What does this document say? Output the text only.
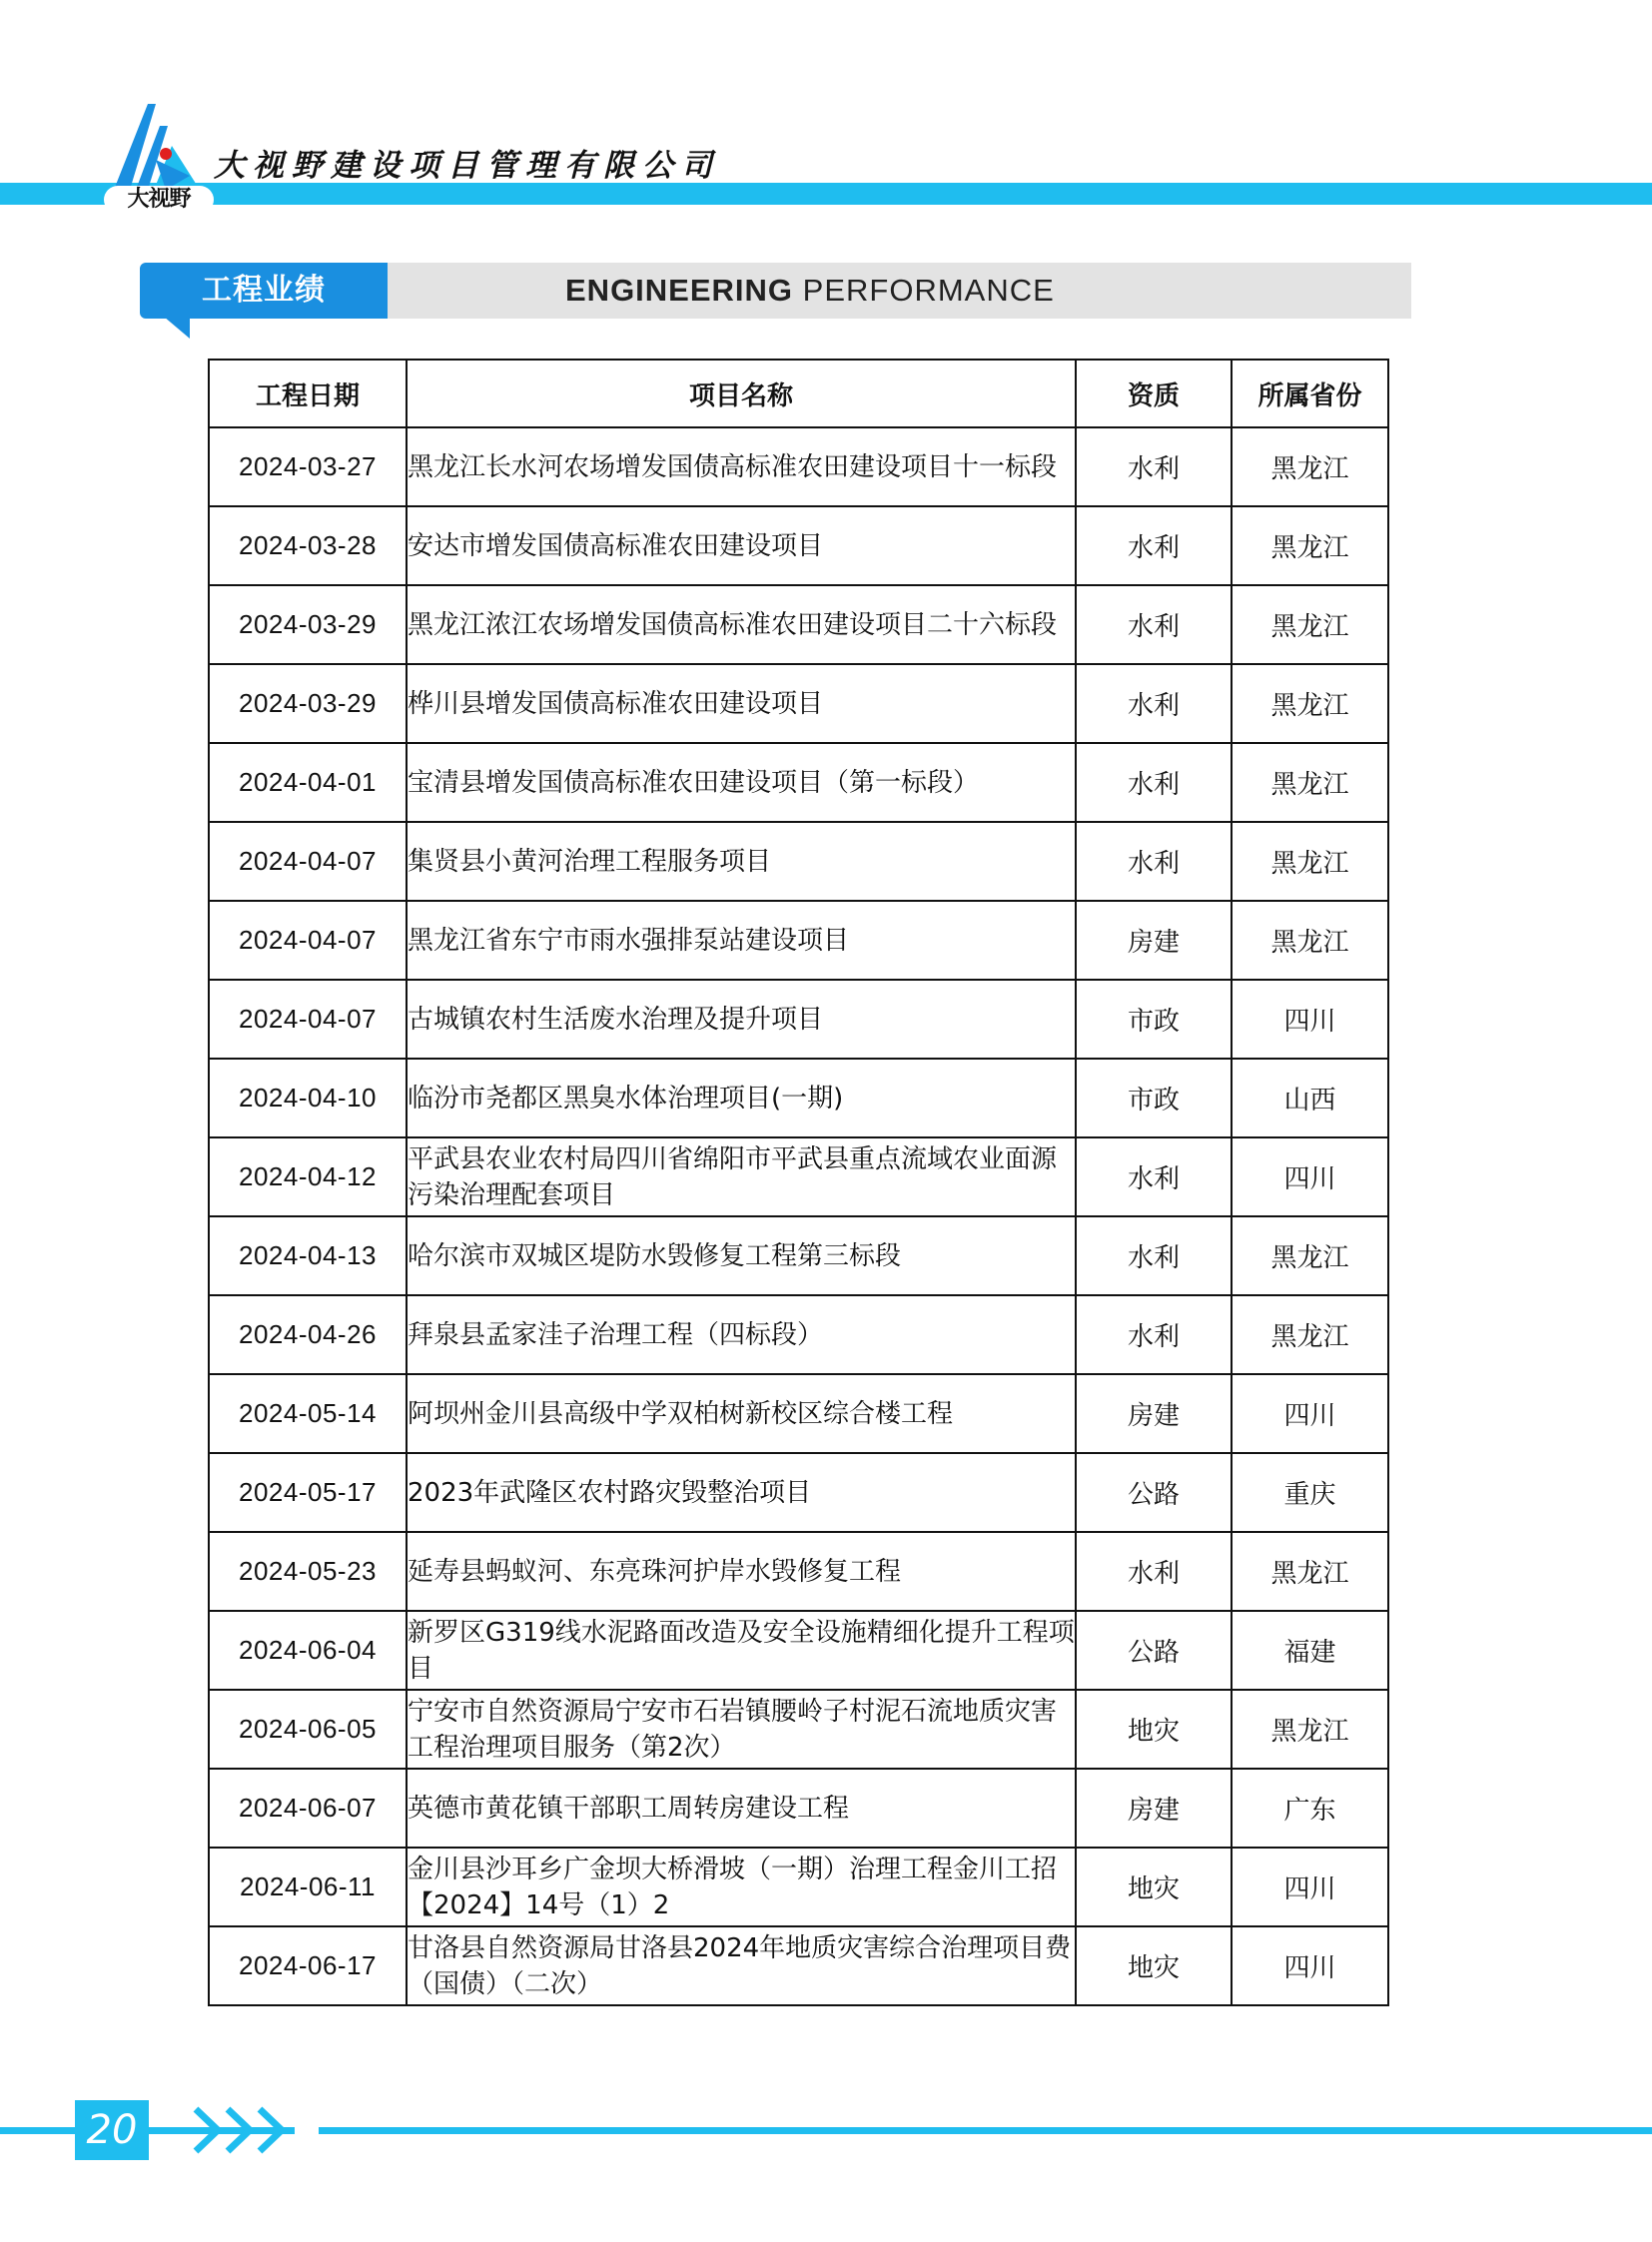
大视野
大视野建设项目管理有限公司
ENGINEERING PERFORMANCE
工程业绩
工程日期	项目名称	资质	所属省份
2024-03-27	黑龙江长水河农场增发国债高标准农田建设项目十一标段	水利	黑龙江
2024-03-28	安达市增发国债高标准农田建设项目	水利	黑龙江
2024-03-29	黑龙江浓江农场增发国债高标准农田建设项目二十六标段	水利	黑龙江
2024-03-29	桦川县增发国债高标准农田建设项目	水利	黑龙江
2024-04-01	宝清县增发国债高标准农田建设项目（第一标段）	水利	黑龙江
2024-04-07	集贤县小黄河治理工程服务项目	水利	黑龙江
2024-04-07	黑龙江省东宁市雨水强排泵站建设项目	房建	黑龙江
2024-04-07	古城镇农村生活废水治理及提升项目	市政	四川
2024-04-10	临汾市尧都区黑臭水体治理项目(一期)	市政	山西
2024-04-12	平武县农业农村局四川省绵阳市平武县重点流域农业面源污染治理配套项目	水利	四川
2024-04-13	哈尔滨市双城区堤防水毁修复工程第三标段	水利	黑龙江
2024-04-26	拜泉县孟家洼子治理工程（四标段）	水利	黑龙江
2024-05-14	阿坝州金川县高级中学双柏树新校区综合楼工程	房建	四川
2024-05-17	2023年武隆区农村路灾毁整治项目	公路	重庆
2024-05-23	延寿县蚂蚁河、东亮珠河护岸水毁修复工程	水利	黑龙江
2024-06-04	新罗区G319线水泥路面改造及安全设施精细化提升工程项目	公路	福建
2024-06-05	宁安市自然资源局宁安市石岩镇腰岭子村泥石流地质灾害工程治理项目服务（第2次）	地灾	黑龙江
2024-06-07	英德市黄花镇干部职工周转房建设工程	房建	广东
2024-06-11	金川县沙耳乡广金坝大桥滑坡（一期）治理工程金川工招【2024】14号（1）2	地灾	四川
2024-06-17	甘洛县自然资源局甘洛县2024年地质灾害综合治理项目费（国债）（二次）	地灾	四川
20
